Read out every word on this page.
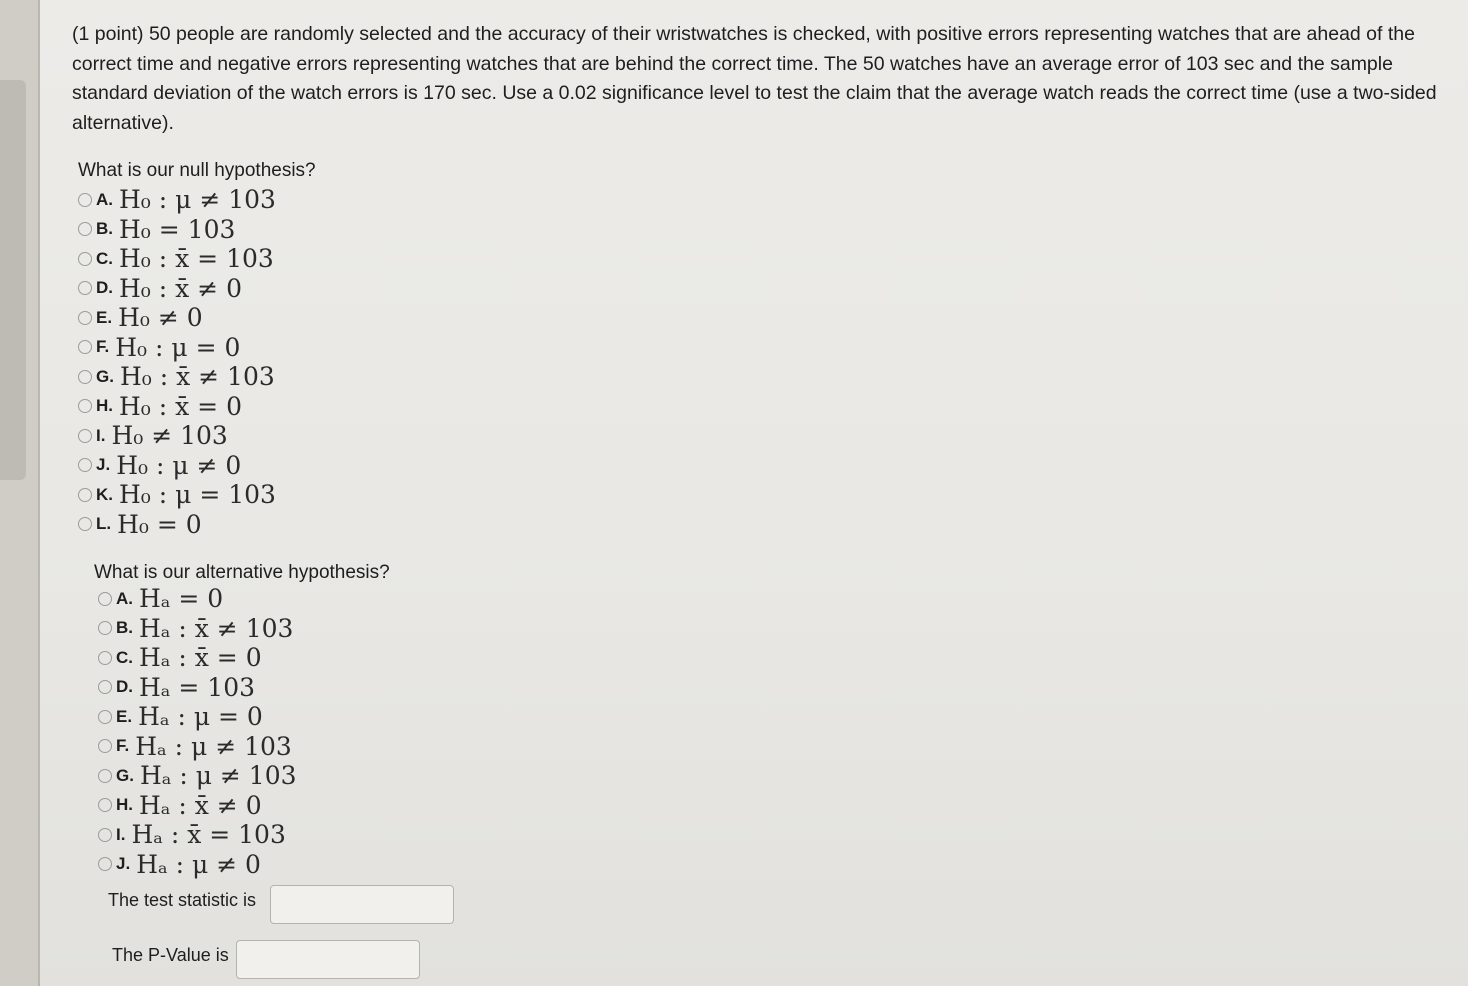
(1 point) 50 people are randomly selected and the accuracy of their wristwatches is checked, with positive errors representing watches that are ahead of the correct time and negative errors representing watches that are behind the correct time. The 50 watches have an average error of 103 sec and the sample standard deviation of the watch errors is 170 sec. Use a 0.02 significance level to test the claim that the average watch reads the correct time (use a two-sided alternative).
What is our null hypothesis?
A. H₀ : μ ≠ 103
B. H₀ = 103
C. H₀ : x̄ = 103
D. H₀ : x̄ ≠ 0
E. H₀ ≠ 0
F. H₀ : μ = 0
G. H₀ : x̄ ≠ 103
H. H₀ : x̄ = 0
I. H₀ ≠ 103
J. H₀ : μ ≠ 0
K. H₀ : μ = 103
L. H₀ = 0
What is our alternative hypothesis?
A. Hₐ = 0
B. Hₐ : x̄ ≠ 103
C. Hₐ : x̄ = 0
D. Hₐ = 103
E. Hₐ : μ = 0
F. Hₐ : μ ≠ 103
G. Hₐ : μ ≠ 103
H. Hₐ : x̄ ≠ 0
I. Hₐ : x̄ = 103
J. Hₐ : μ ≠ 0
The test statistic is
The P-Value is
